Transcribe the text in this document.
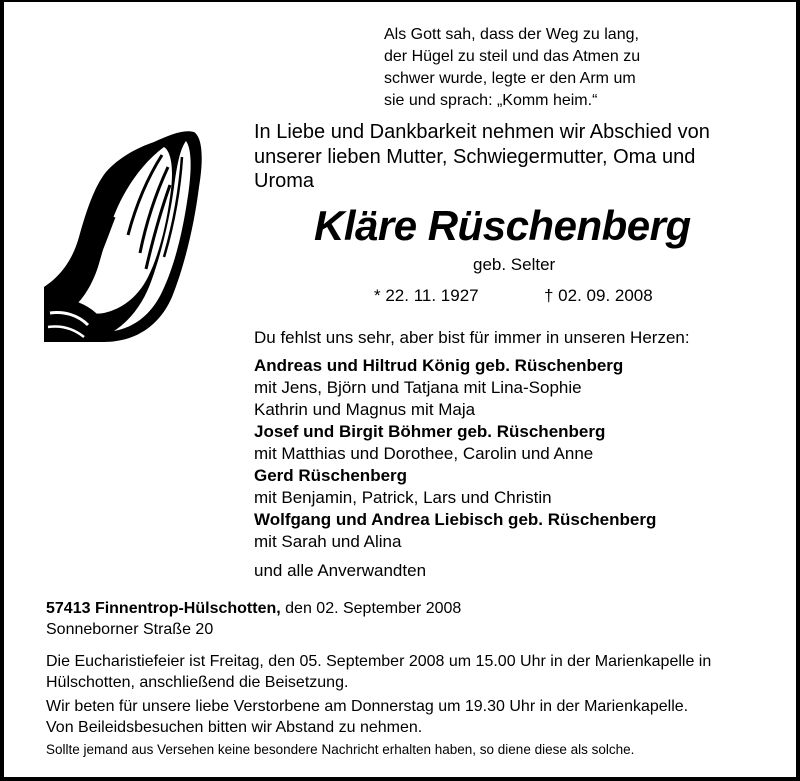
Als Gott sah, dass der Weg zu lang,
der Hügel zu steil und das Atmen zu
schwer wurde, legte er den Arm um
sie und sprach: „Komm heim.“
In Liebe und Dankbarkeit nehmen wir Abschied von
unserer lieben Mutter, Schwiegermutter, Oma und
Uroma
Kläre Rüschenberg
geb. Selter
* 22. 11. 1927	† 02. 09. 2008
Du fehlst uns sehr, aber bist für immer in unseren Herzen:
Andreas und Hiltrud König geb. Rüschenberg
mit Jens, Björn und Tatjana mit Lina-Sophie
Kathrin und Magnus mit Maja
Josef und Birgit Böhmer geb. Rüschenberg
mit Matthias und Dorothee, Carolin und Anne
Gerd Rüschenberg
mit Benjamin, Patrick, Lars und Christin
Wolfgang und Andrea Liebisch geb. Rüschenberg
mit Sarah und Alina
und alle Anverwandten
57413 Finnentrop-Hülschotten, den 02. September 2008
Sonneborner Straße 20
Die Eucharistiefeier ist Freitag, den 05. September 2008 um 15.00 Uhr in der Marienkapelle in
Hülschotten, anschließend die Beisetzung.
Wir beten für unsere liebe Verstorbene am Donnerstag um 19.30 Uhr in der Marienkapelle.
Von Beileidsbesuchen bitten wir Abstand zu nehmen.
Sollte jemand aus Versehen keine besondere Nachricht erhalten haben, so diene diese als solche.
